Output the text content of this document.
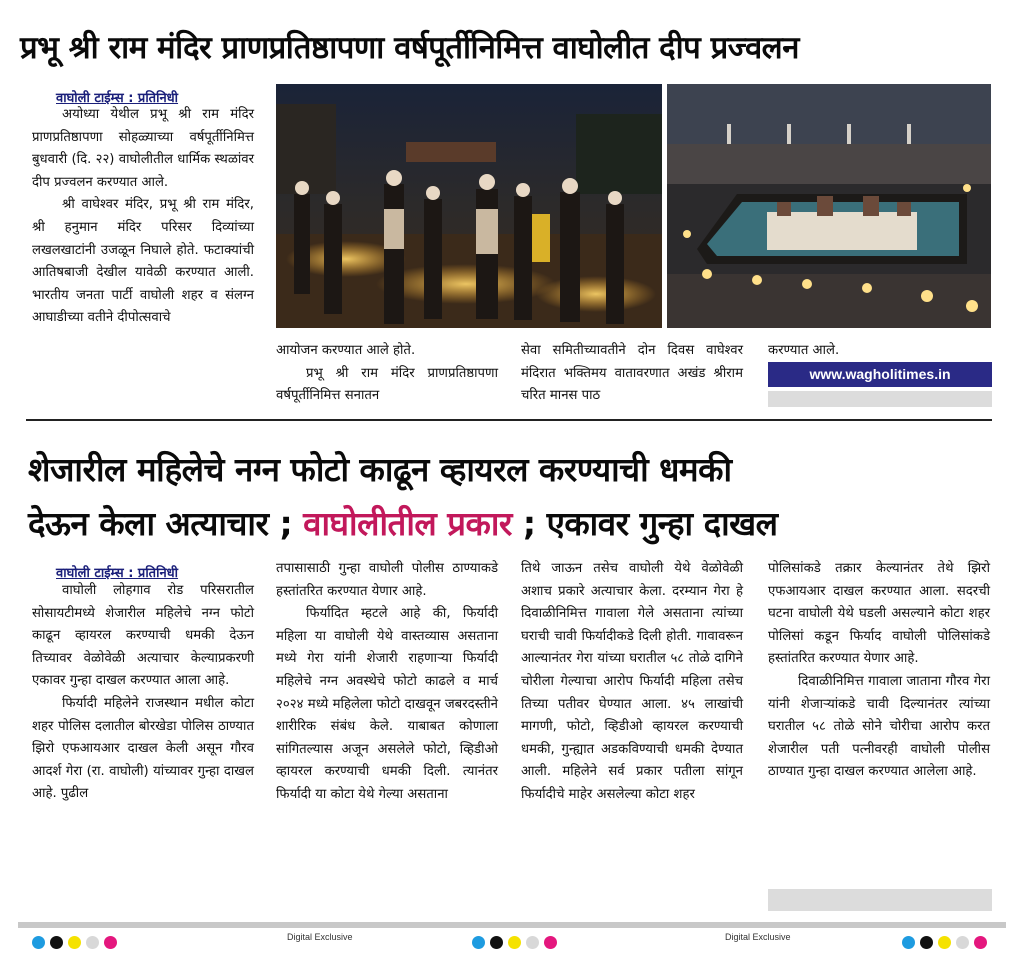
प्रभू श्री राम मंदिर प्राणप्रतिष्ठापणा वर्षपूर्तीनिमित्त वाघोलीत दीप प्रज्वलन
वाघोली टाईम्स : प्रतिनिधी

अयोध्या येथील प्रभू श्री राम मंदिर प्राणप्रतिष्ठापणा सोहळ्याच्या वर्षपूर्तीनिमित्त बुधवारी (दि. २२) वाघोलीतील धार्मिक स्थळांवर दीप प्रज्वलन करण्यात आले.

श्री वाघेश्वर मंदिर, प्रभू श्री राम मंदिर, श्री हनुमान मंदिर परिसर दिव्यांच्या लखलखाटांनी उजळून निघाले होते. फटाक्यांची आतिषबाजी देखील यावेळी करण्यात आली. भारतीय जनता पार्टी वाघोली शहर व संलग्न आघाडीच्या वतीने दीपोत्सवाचे

आयोजन करण्यात आले होते.

प्रभू श्री राम मंदिर प्राणप्रतिष्ठापणा वर्षपूर्तीनिमित्त सनातन

सेवा समितीच्यावतीने दोन दिवस वाघेश्वर मंदिरात भक्तिमय वातावरणात अखंड श्रीराम चरित मानस पाठ

करण्यात आले.

www.wagholitimes.in
शेजारील महिलेचे नग्न फोटो काढून व्हायरल करण्याची धमकी
देऊन केला अत्याचार ; वाघोलीतील प्रकार ; एकावर गुन्हा दाखल
वाघोली टाईम्स : प्रतिनिधी

वाघोली लोहगाव रोड परिसरातील सोसायटीमध्ये शेजारील महिलेचे नग्न फोटो काढून व्हायरल करण्याची धमकी देऊन तिच्यावर वेळोवेळी अत्याचार केल्याप्रकरणी एकावर गुन्हा दाखल करण्यात आला आहे.

फिर्यादी महिलेने राजस्थान मधील कोटा शहर पोलिस दलातील बोरखेडा पोलिस ठाण्यात झिरो एफआयआर दाखल केली असून गौरव आदर्श गेरा (रा. वाघोली) यांच्यावर गुन्हा दाखल आहे. पुढील

तपासासाठी गुन्हा वाघोली पोलीस ठाण्याकडे हस्तांतरित करण्यात येणार आहे.

फिर्यादित म्हटले आहे की, फिर्यादी महिला या वाघोली येथे वास्तव्यास असताना मध्ये गेरा यांनी शेजारी राहणाऱ्या फिर्यादी महिलेचे नग्न अवस्थेचे फोटो काढले व मार्च २०२४ मध्ये महिलेला फोटो दाखवून जबरदस्तीने शारीरिक संबंध केले. याबाबत कोणाला सांगितल्यास अजून असलेले फोटो, व्हिडीओ व्हायरल करण्याची धमकी दिली. त्यानंतर फिर्यादी या कोटा येथे गेल्या असताना

तिथे जाऊन तसेच वाघोली येथे वेळोवेळी अशाच प्रकारे अत्याचार केला. दरम्यान गेरा हे दिवाळीनिमित्त गावाला गेले असताना त्यांच्या घराची चावी फिर्यादीकडे दिली होती. गावावरून आल्यानंतर गेरा यांच्या घरातील ५८ तोळे दागिने चोरीला गेल्याचा आरोप फिर्यादी महिला तसेच तिच्या पतीवर घेण्यात आला. ४५ लाखांची मागणी, फोटो, व्हिडीओ व्हायरल करण्याची धमकी, गुन्ह्यात अडकविण्याची धमकी देण्यात आली. महिलेने सर्व प्रकार पतीला सांगून फिर्यादीचे माहेर असलेल्या कोटा शहर

पोलिसांकडे तक्रार केल्यानंतर तेथे झिरो एफआयआर दाखल करण्यात आला. सदरची घटना वाघोली येथे घडली असल्याने कोटा शहर पोलिसां कडून फिर्याद वाघोली पोलिसांकडे हस्तांतरित करण्यात येणार आहे.

दिवाळीनिमित्त गावाला जाताना गौरव गेरा यांनी शेजाऱ्यांकडे चावी दिल्यानंतर त्यांच्या घरातील ५८ तोळे सोने चोरीचा आरोप करत शेजारील पती पत्नीवरही वाघोली पोलीस ठाण्यात गुन्हा दाखल करण्यात आलेला आहे.

Digital Exclusive	Digital Exclusive
